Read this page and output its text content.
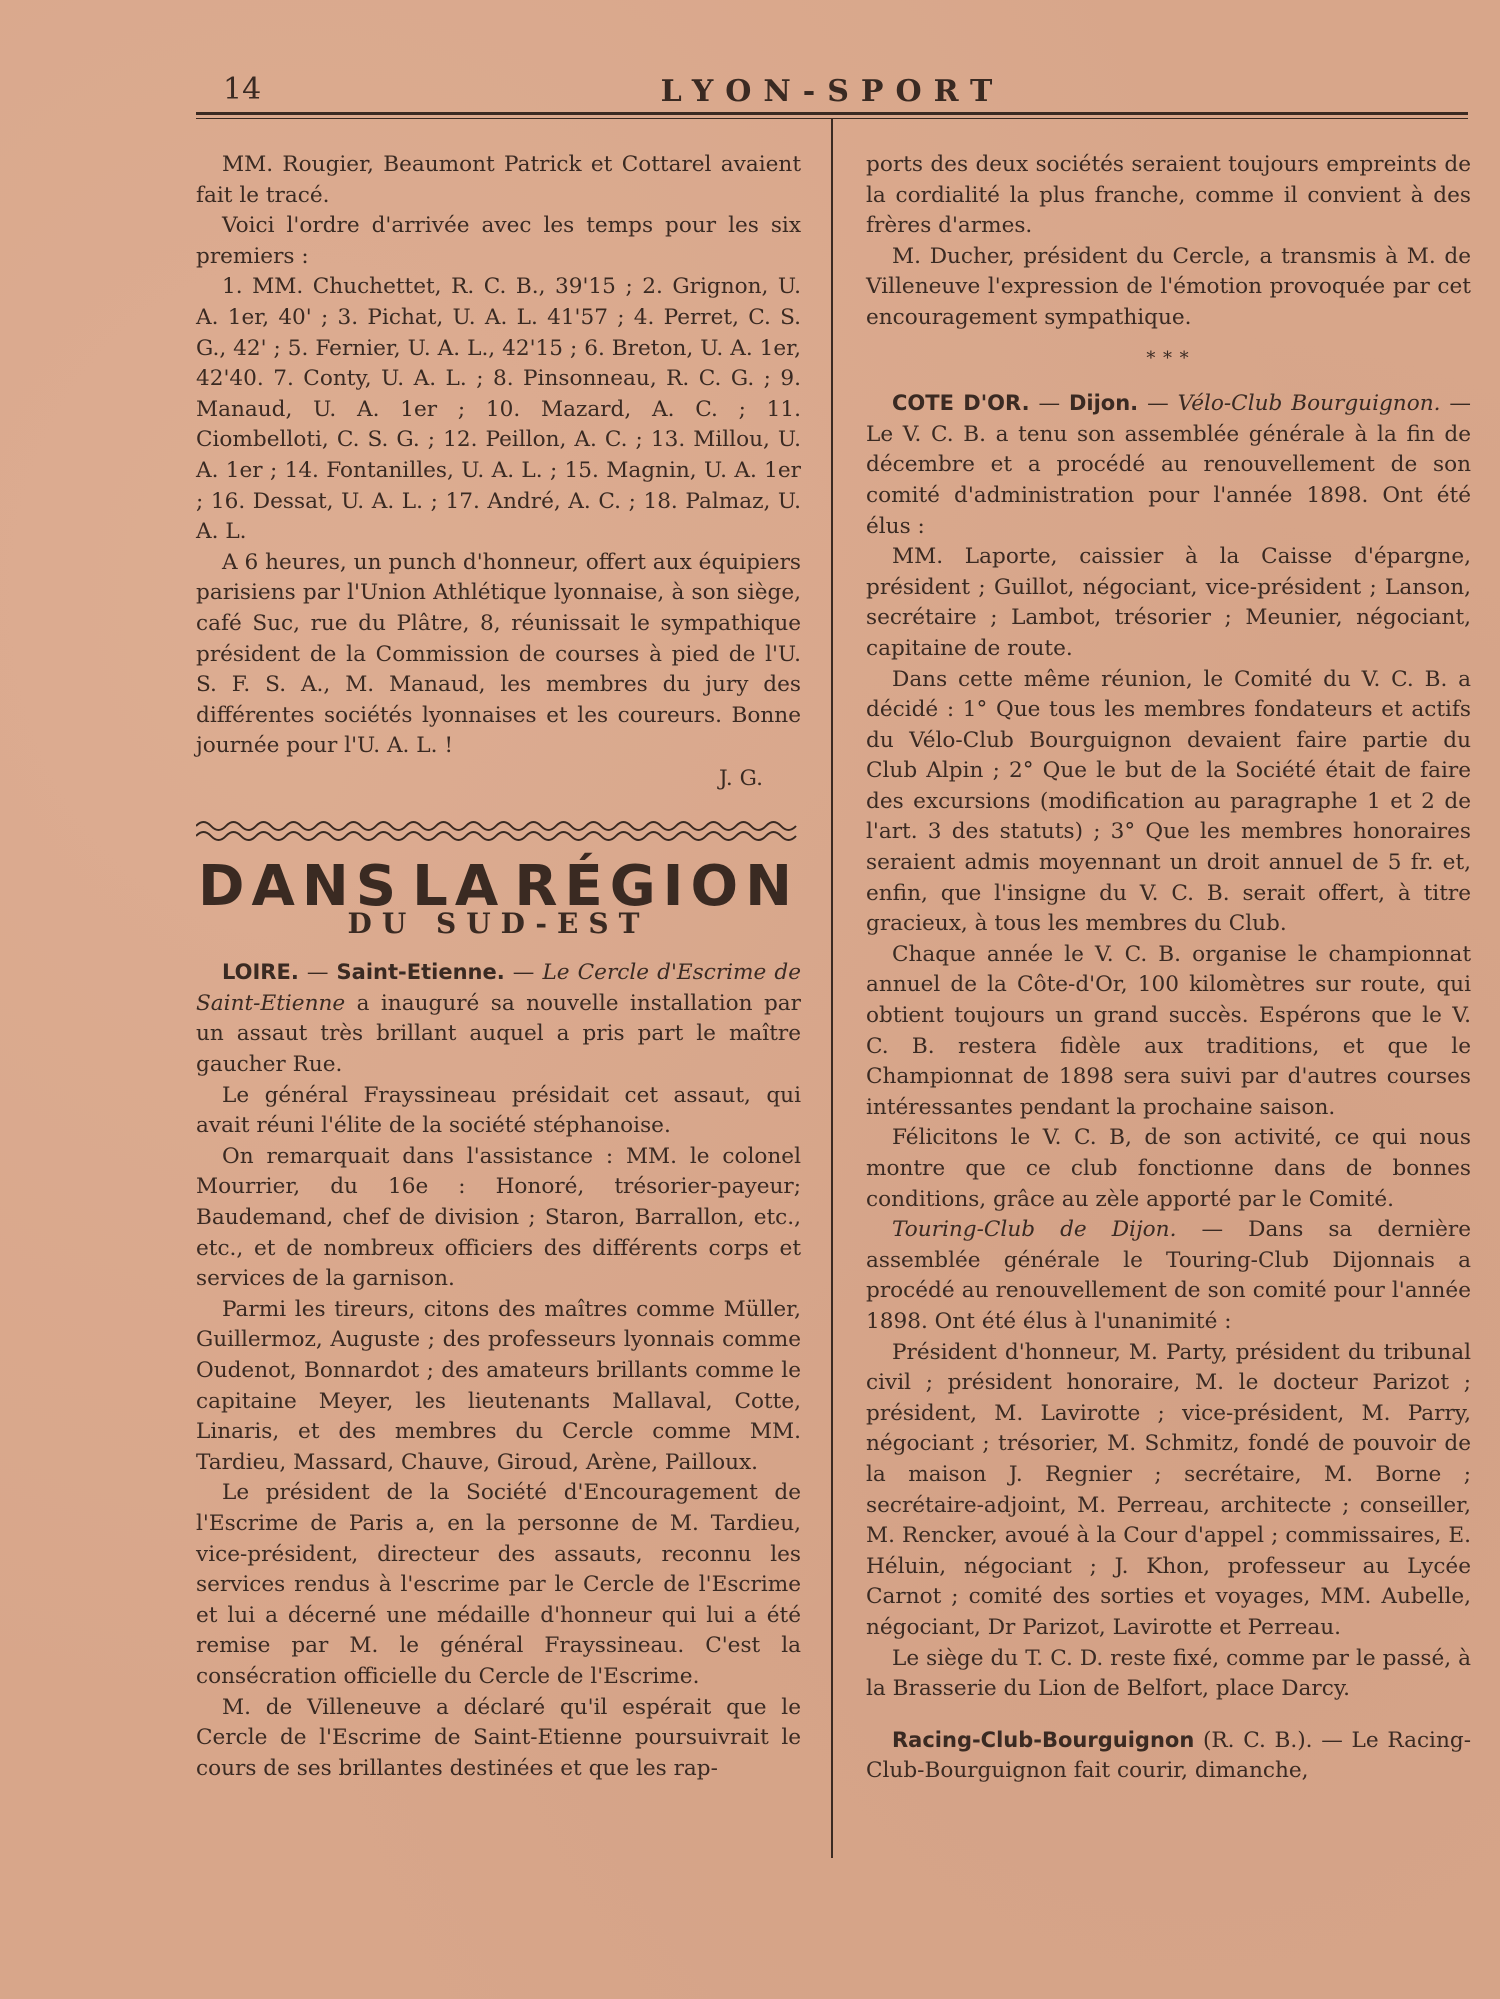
14	LYON-SPORT

MM. Rougier, Beaumont Patrick et Cottarel avaient fait le tracé.

Voici l'ordre d'arrivée avec les temps pour les six premiers :

1. MM. Chuchettet, R. C. B., 39'15 ; 2. Grignon, U. A. 1er, 40' ; 3. Pichat, U. A. L. 41'57 ; 4. Perret, C. S. G., 42' ; 5. Fernier, U. A. L., 42'15 ; 6. Breton, U. A. 1er, 42'40. 7. Conty, U. A. L. ; 8. Pinsonneau, R. C. G. ; 9. Manaud, U. A. 1er ; 10. Mazard, A. C. ; 11. Ciombelloti, C. S. G. ; 12. Peillon, A. C. ; 13. Millou, U. A. 1er ; 14. Fontanilles, U. A. L. ; 15. Magnin, U. A. 1er ; 16. Dessat, U. A. L. ; 17. André, A. C. ; 18. Palmaz, U. A. L.

A 6 heures, un punch d'honneur, offert aux équipiers parisiens par l'Union Athlétique lyonnaise, à son siège, café Suc, rue du Plâtre, 8, réunissait le sympathique président de la Commission de courses à pied de l'U. S. F. S. A., M. Manaud, les membres du jury des différentes sociétés lyonnaises et les coureurs. Bonne journée pour l'U. A. L. !

J. G.

DANS LA RÉGION
DU SUD-EST

LOIRE. — Saint-Etienne. — Le Cercle d'Escrime de Saint-Etienne a inauguré sa nouvelle installation par un assaut très brillant auquel a pris part le maître gaucher Rue.

Le général Frayssineau présidait cet assaut, qui avait réuni l'élite de la société stéphanoise.

On remarquait dans l'assistance : MM. le colonel Mourrier, du 16e : Honoré, trésorier-payeur; Baudemand, chef de division ; Staron, Barrallon, etc., etc., et de nombreux officiers des différents corps et services de la garnison.

Parmi les tireurs, citons des maîtres comme Müller, Guillermoz, Auguste ; des professeurs lyonnais comme Oudenot, Bonnardot ; des amateurs brillants comme le capitaine Meyer, les lieutenants Mallaval, Cotte, Linaris, et des membres du Cercle comme MM. Tardieu, Massard, Chauve, Giroud, Arène, Pailloux.

Le président de la Société d'Encouragement de l'Escrime de Paris a, en la personne de M. Tardieu, vice-président, directeur des assauts, reconnu les services rendus à l'escrime par le Cercle de l'Escrime et lui a décerné une médaille d'honneur qui lui a été remise par M. le général Frayssineau. C'est la consécration officielle du Cercle de l'Escrime.

M. de Villeneuve a déclaré qu'il espérait que le Cercle de l'Escrime de Saint-Etienne poursuivrait le cours de ses brillantes destinées et que les rap-

ports des deux sociétés seraient toujours empreints de la cordialité la plus franche, comme il convient à des frères d'armes.

M. Ducher, président du Cercle, a transmis à M. de Villeneuve l'expression de l'émotion provoquée par cet encouragement sympathique.

* * *

COTE D'OR. — Dijon. — Vélo-Club Bourguignon. — Le V. C. B. a tenu son assemblée générale à la fin de décembre et a procédé au renouvellement de son comité d'administration pour l'année 1898. Ont été élus :

MM. Laporte, caissier à la Caisse d'épargne, président ; Guillot, négociant, vice-président ; Lanson, secrétaire ; Lambot, trésorier ; Meunier, négociant, capitaine de route.

Dans cette même réunion, le Comité du V. C. B. a décidé : 1° Que tous les membres fondateurs et actifs du Vélo-Club Bourguignon devaient faire partie du Club Alpin ; 2° Que le but de la Société était de faire des excursions (modification au paragraphe 1 et 2 de l'art. 3 des statuts) ; 3° Que les membres honoraires seraient admis moyennant un droit annuel de 5 fr. et, enfin, que l'insigne du V. C. B. serait offert, à titre gracieux, à tous les membres du Club.

Chaque année le V. C. B. organise le championnat annuel de la Côte-d'Or, 100 kilomètres sur route, qui obtient toujours un grand succès. Espérons que le V. C. B. restera fidèle aux traditions, et que le Championnat de 1898 sera suivi par d'autres courses intéressantes pendant la prochaine saison.

Félicitons le V. C. B, de son activité, ce qui nous montre que ce club fonctionne dans de bonnes conditions, grâce au zèle apporté par le Comité.

Touring-Club de Dijon. — Dans sa dernière assemblée générale le Touring-Club Dijonnais a procédé au renouvellement de son comité pour l'année 1898. Ont été élus à l'unanimité :

Président d'honneur, M. Party, président du tribunal civil ; président honoraire, M. le docteur Parizot ; président, M. Lavirotte ; vice-président, M. Parry, négociant ; trésorier, M. Schmitz, fondé de pouvoir de la maison J. Regnier ; secrétaire, M. Borne ; secrétaire-adjoint, M. Perreau, architecte ; conseiller, M. Rencker, avoué à la Cour d'appel ; commissaires, E. Héluin, négociant ; J. Khon, professeur au Lycée Carnot ; comité des sorties et voyages, MM. Aubelle, négociant, Dr Parizot, Lavirotte et Perreau.

Le siège du T. C. D. reste fixé, comme par le passé, à la Brasserie du Lion de Belfort, place Darcy.

Racing-Club-Bourguignon (R. C. B.). — Le Racing-Club-Bourguignon fait courir, dimanche,
